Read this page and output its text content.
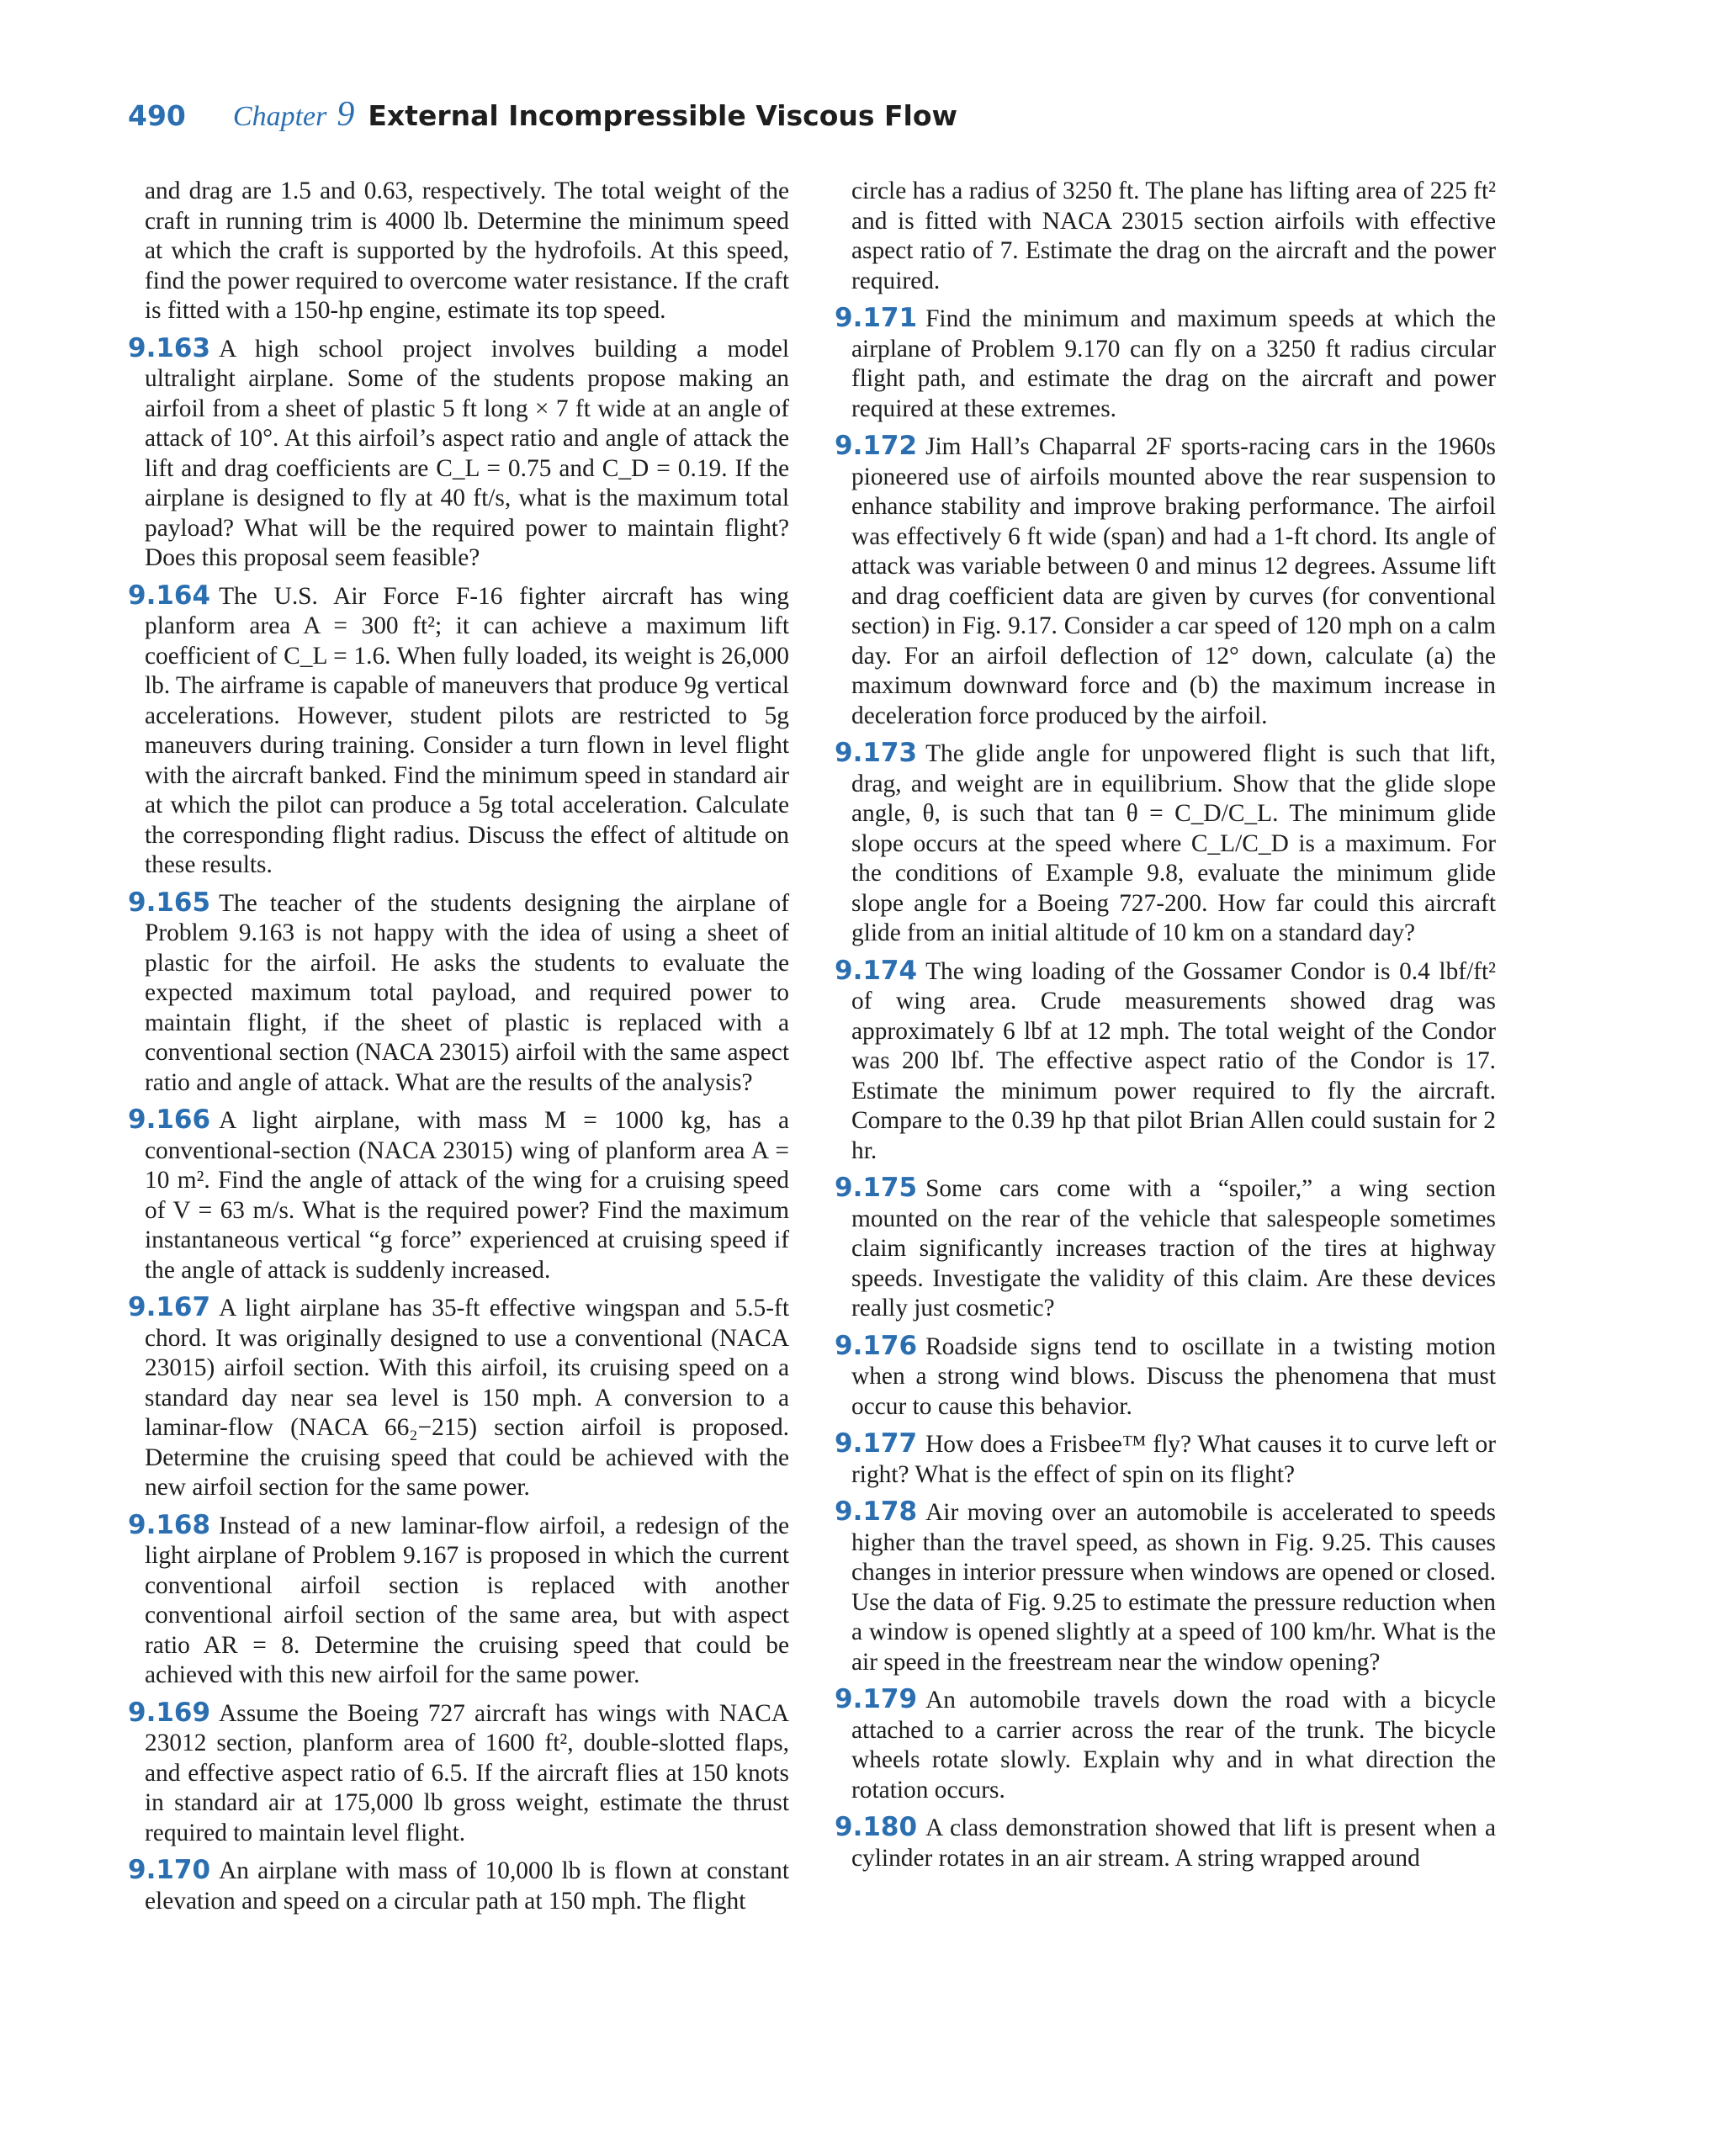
490 Chapter 9 External Incompressible Viscous Flow

and drag are 1.5 and 0.63, respectively. The total weight of the craft in running trim is 4000 lb. Determine the minimum speed at which the craft is supported by the hydrofoils. At this speed, find the power required to overcome water resistance. If the craft is fitted with a 150-hp engine, estimate its top speed.

9.163 A high school project involves building a model ultralight airplane. Some of the students propose making an airfoil from a sheet of plastic 5 ft long × 7 ft wide at an angle of attack of 10°. At this airfoil’s aspect ratio and angle of attack the lift and drag coefficients are C_L = 0.75 and C_D = 0.19. If the airplane is designed to fly at 40 ft/s, what is the maximum total payload? What will be the required power to maintain flight? Does this proposal seem feasible?

9.164 The U.S. Air Force F-16 fighter aircraft has wing planform area A = 300 ft²; it can achieve a maximum lift coefficient of C_L = 1.6. When fully loaded, its weight is 26,000 lb. The airframe is capable of maneuvers that produce 9g vertical accelerations. However, student pilots are restricted to 5g maneuvers during training. Consider a turn flown in level flight with the aircraft banked. Find the minimum speed in standard air at which the pilot can produce a 5g total acceleration. Calculate the corresponding flight radius. Discuss the effect of altitude on these results.

9.165 The teacher of the students designing the airplane of Problem 9.163 is not happy with the idea of using a sheet of plastic for the airfoil. He asks the students to evaluate the expected maximum total payload, and required power to maintain flight, if the sheet of plastic is replaced with a conventional section (NACA 23015) airfoil with the same aspect ratio and angle of attack. What are the results of the analysis?

9.166 A light airplane, with mass M = 1000 kg, has a conventional-section (NACA 23015) wing of planform area A = 10 m². Find the angle of attack of the wing for a cruising speed of V = 63 m/s. What is the required power? Find the maximum instantaneous vertical “g force” experienced at cruising speed if the angle of attack is suddenly increased.

9.167 A light airplane has 35-ft effective wingspan and 5.5-ft chord. It was originally designed to use a conventional (NACA 23015) airfoil section. With this airfoil, its cruising speed on a standard day near sea level is 150 mph. A conversion to a laminar-flow (NACA 66₂−215) section airfoil is proposed. Determine the cruising speed that could be achieved with the new airfoil section for the same power.

9.168 Instead of a new laminar-flow airfoil, a redesign of the light airplane of Problem 9.167 is proposed in which the current conventional airfoil section is replaced with another conventional airfoil section of the same area, but with aspect ratio AR = 8. Determine the cruising speed that could be achieved with this new airfoil for the same power.

9.169 Assume the Boeing 727 aircraft has wings with NACA 23012 section, planform area of 1600 ft², double-slotted flaps, and effective aspect ratio of 6.5. If the aircraft flies at 150 knots in standard air at 175,000 lb gross weight, estimate the thrust required to maintain level flight.

9.170 An airplane with mass of 10,000 lb is flown at constant elevation and speed on a circular path at 150 mph. The flight

circle has a radius of 3250 ft. The plane has lifting area of 225 ft² and is fitted with NACA 23015 section airfoils with effective aspect ratio of 7. Estimate the drag on the aircraft and the power required.

9.171 Find the minimum and maximum speeds at which the airplane of Problem 9.170 can fly on a 3250 ft radius circular flight path, and estimate the drag on the aircraft and power required at these extremes.

9.172 Jim Hall’s Chaparral 2F sports-racing cars in the 1960s pioneered use of airfoils mounted above the rear suspension to enhance stability and improve braking performance. The airfoil was effectively 6 ft wide (span) and had a 1-ft chord. Its angle of attack was variable between 0 and minus 12 degrees. Assume lift and drag coefficient data are given by curves (for conventional section) in Fig. 9.17. Consider a car speed of 120 mph on a calm day. For an airfoil deflection of 12° down, calculate (a) the maximum downward force and (b) the maximum increase in deceleration force produced by the airfoil.

9.173 The glide angle for unpowered flight is such that lift, drag, and weight are in equilibrium. Show that the glide slope angle, θ, is such that tan θ = C_D/C_L. The minimum glide slope occurs at the speed where C_L/C_D is a maximum. For the conditions of Example 9.8, evaluate the minimum glide slope angle for a Boeing 727-200. How far could this aircraft glide from an initial altitude of 10 km on a standard day?

9.174 The wing loading of the Gossamer Condor is 0.4 lbf/ft² of wing area. Crude measurements showed drag was approximately 6 lbf at 12 mph. The total weight of the Condor was 200 lbf. The effective aspect ratio of the Condor is 17. Estimate the minimum power required to fly the aircraft. Compare to the 0.39 hp that pilot Brian Allen could sustain for 2 hr.

9.175 Some cars come with a “spoiler,” a wing section mounted on the rear of the vehicle that salespeople sometimes claim significantly increases traction of the tires at highway speeds. Investigate the validity of this claim. Are these devices really just cosmetic?

9.176 Roadside signs tend to oscillate in a twisting motion when a strong wind blows. Discuss the phenomena that must occur to cause this behavior.

9.177 How does a Frisbee™ fly? What causes it to curve left or right? What is the effect of spin on its flight?

9.178 Air moving over an automobile is accelerated to speeds higher than the travel speed, as shown in Fig. 9.25. This causes changes in interior pressure when windows are opened or closed. Use the data of Fig. 9.25 to estimate the pressure reduction when a window is opened slightly at a speed of 100 km/hr. What is the air speed in the freestream near the window opening?

9.179 An automobile travels down the road with a bicycle attached to a carrier across the rear of the trunk. The bicycle wheels rotate slowly. Explain why and in what direction the rotation occurs.

9.180 A class demonstration showed that lift is present when a cylinder rotates in an air stream. A string wrapped around
